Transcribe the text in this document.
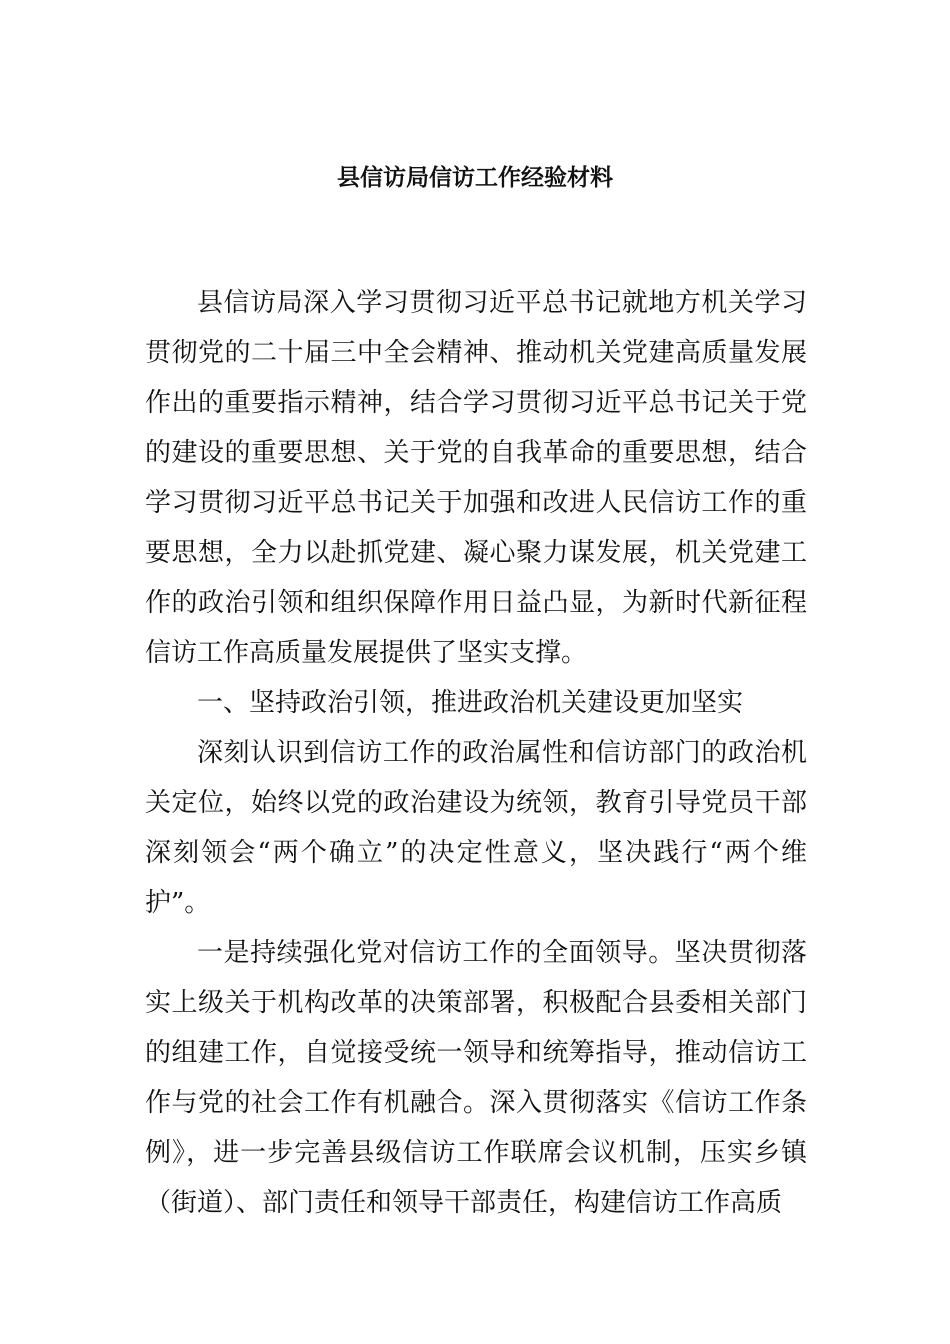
县信访局信访工作经验材料

县信访局深入学习贯彻习近平总书记就地方机关学习贯彻党的二十届三中全会精神、推动机关党建高质量发展作出的重要指示精神，结合学习贯彻习近平总书记关于党的建设的重要思想、关于党的自我革命的重要思想，结合学习贯彻习近平总书记关于加强和改进人民信访工作的重要思想，全力以赴抓党建、凝心聚力谋发展，机关党建工作的政治引领和组织保障作用日益凸显，为新时代新征程信访工作高质量发展提供了坚实支撑。

一、坚持政治引领，推进政治机关建设更加坚实

深刻认识到信访工作的政治属性和信访部门的政治机关定位，始终以党的政治建设为统领，教育引导党员干部深刻领会“两个确立”的决定性意义，坚决践行“两个维护”。

一是持续强化党对信访工作的全面领导。坚决贯彻落实上级关于机构改革的决策部署，积极配合县委相关部门的组建工作，自觉接受统一领导和统筹指导，推动信访工作与党的社会工作有机融合。深入贯彻落实《信访工作条例》，进一步完善县级信访工作联席会议机制，压实乡镇（街道）、部门责任和领导干部责任，构建信访工作高质
